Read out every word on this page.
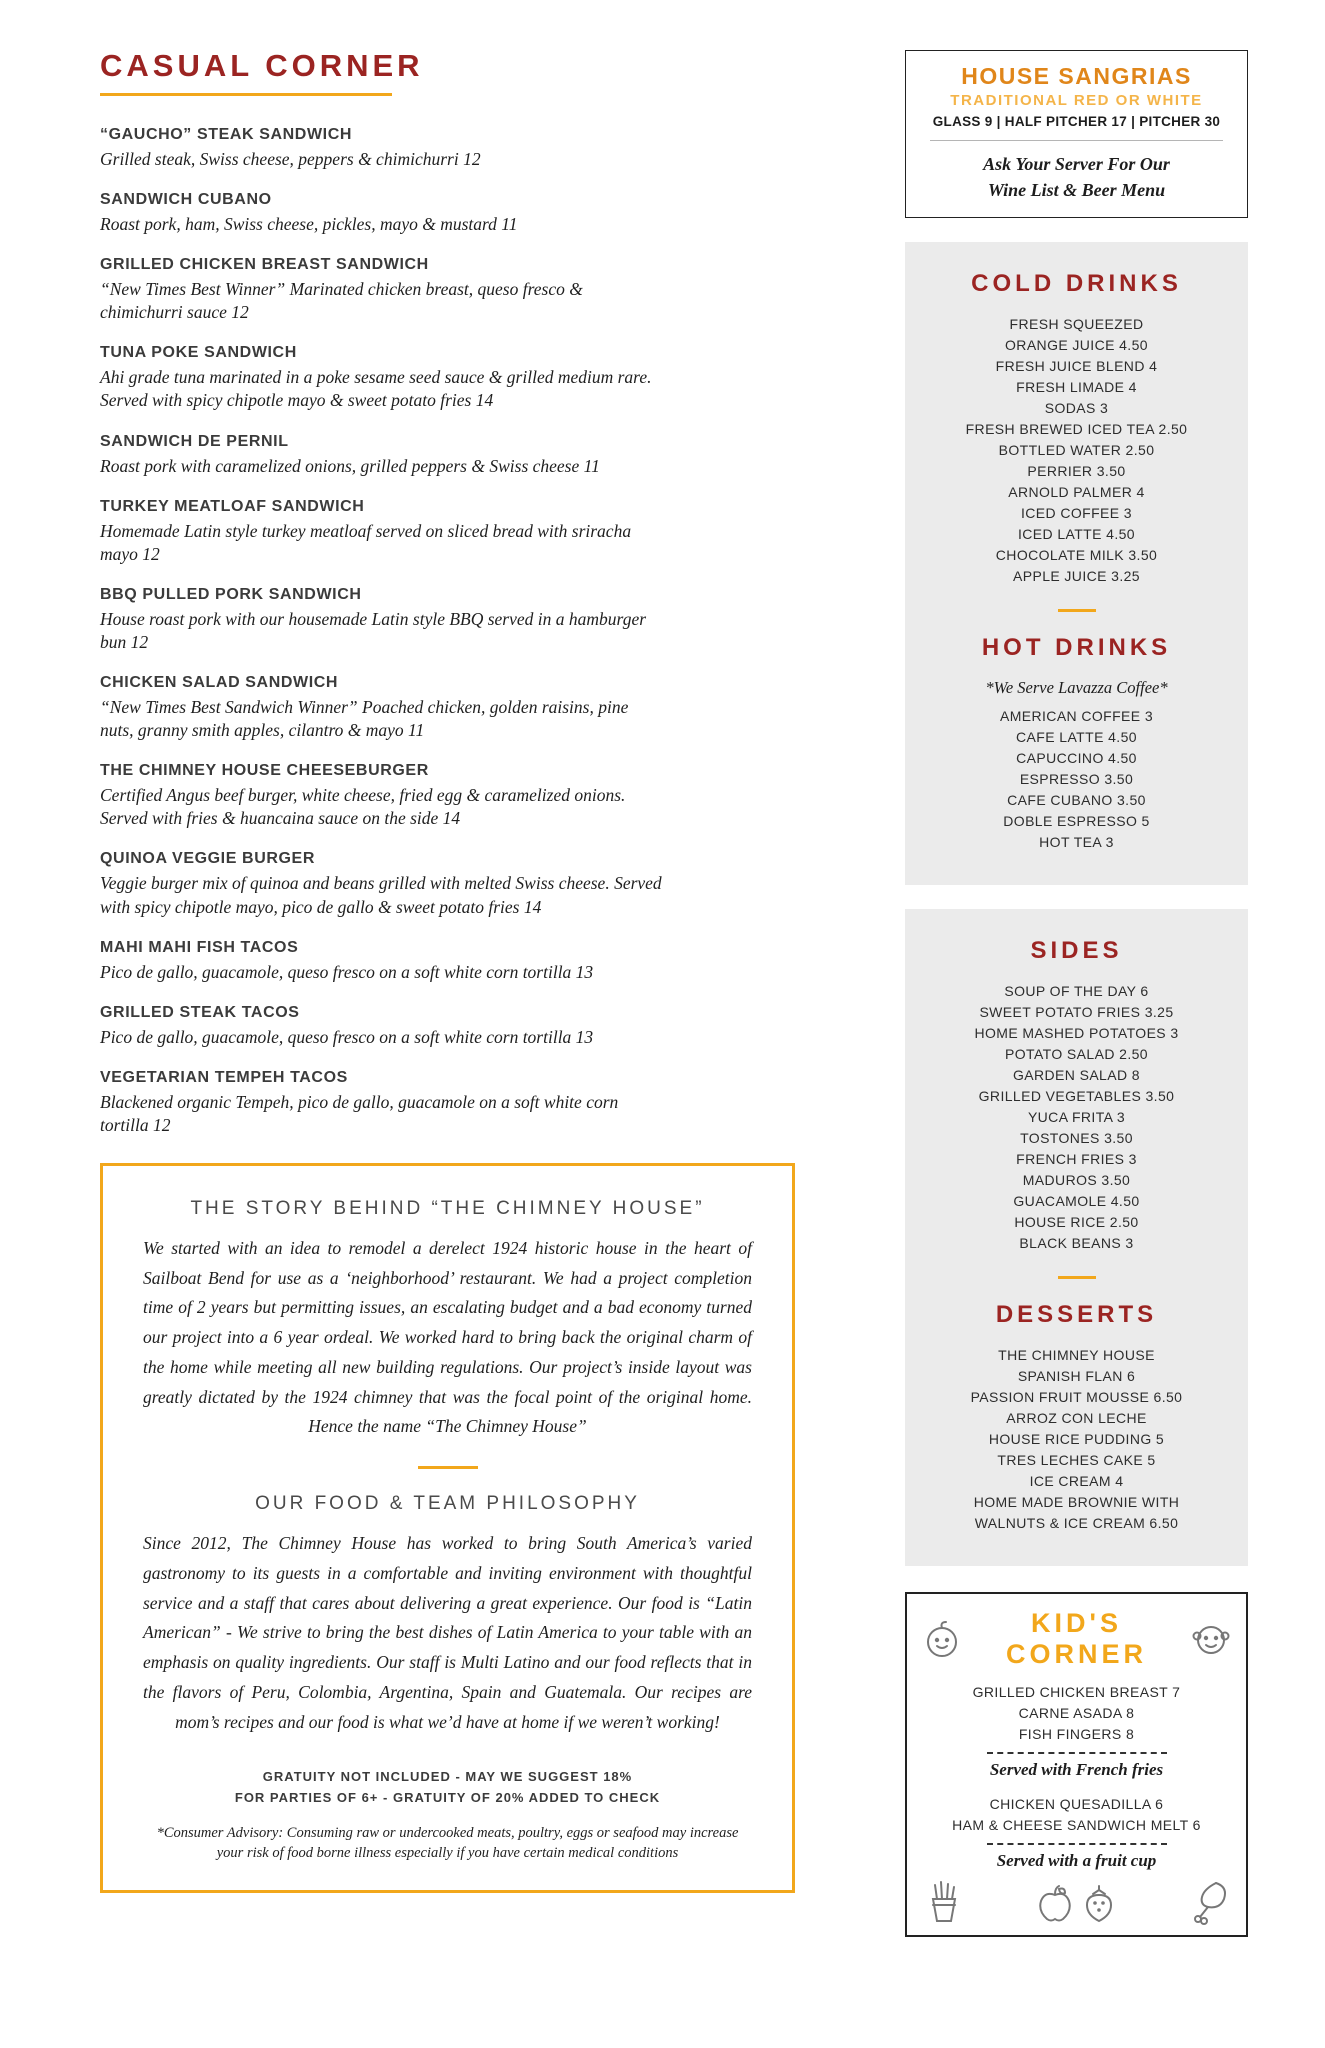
CASUAL CORNER
“GAUCHO” STEAK SANDWICH
Grilled steak, Swiss cheese, peppers & chimichurri 12
SANDWICH CUBANO
Roast pork, ham, Swiss cheese, pickles, mayo & mustard 11
GRILLED CHICKEN BREAST SANDWICH
“New Times Best Winner” Marinated chicken breast, queso fresco & chimichurri sauce 12
TUNA POKE SANDWICH
Ahi grade tuna marinated in a poke sesame seed sauce & grilled medium rare. Served with spicy chipotle mayo & sweet potato fries 14
SANDWICH DE PERNIL
Roast pork with caramelized onions, grilled peppers & Swiss cheese 11
TURKEY MEATLOAF SANDWICH
Homemade Latin style turkey meatloaf served on sliced bread with sriracha mayo 12
BBQ PULLED PORK SANDWICH
House roast pork with our housemade Latin style BBQ served in a hamburger bun 12
CHICKEN SALAD SANDWICH
“New Times Best Sandwich Winner” Poached chicken, golden raisins, pine nuts, granny smith apples, cilantro & mayo 11
THE CHIMNEY HOUSE CHEESEBURGER
Certified Angus beef burger, white cheese, fried egg & caramelized onions. Served with fries & huancaina sauce on the side 14
QUINOA VEGGIE BURGER
Veggie burger mix of quinoa and beans grilled with melted Swiss cheese. Served with spicy chipotle mayo, pico de gallo & sweet potato fries 14
MAHI MAHI FISH TACOS
Pico de gallo, guacamole, queso fresco on a soft white corn tortilla 13
GRILLED STEAK TACOS
Pico de gallo, guacamole, queso fresco on a soft white corn tortilla 13
VEGETARIAN TEMPEH TACOS
Blackened organic Tempeh, pico de gallo, guacamole on a soft white corn tortilla 12
THE STORY BEHIND “THE CHIMNEY HOUSE”

We started with an idea to remodel a derelect 1924 historic house in the heart of Sailboat Bend for use as a ‘neighborhood’ restaurant. We had a project completion time of 2 years but permitting issues, an escalating budget and a bad economy turned our project into a 6 year ordeal. We worked hard to bring back the original charm of the home while meeting all new building regulations. Our project’s inside layout was greatly dictated by the 1924 chimney that was the focal point of the original home. Hence the name “The Chimney House”

OUR FOOD & TEAM PHILOSOPHY

Since 2012, The Chimney House has worked to bring South America’s varied gastronomy to its guests in a comfortable and inviting environment with thoughtful service and a staff that cares about delivering a great experience. Our food is “Latin American” - We strive to bring the best dishes of Latin America to your table with an emphasis on quality ingredients. Our staff is Multi Latino and our food reflects that in the flavors of Peru, Colombia, Argentina, Spain and Guatemala. Our recipes are mom’s recipes and our food is what we’d have at home if we weren’t working!

GRATUITY NOT INCLUDED - MAY WE SUGGEST 18%
FOR PARTIES OF 6+ - GRATUITY OF 20% ADDED TO CHECK

*Consumer Advisory: Consuming raw or undercooked meats, poultry, eggs or seafood may increase your risk of food borne illness especially if you have certain medical conditions

HOUSE SANGRIAS
TRADITIONAL RED OR WHITE
GLASS 9 | HALF PITCHER 17 | PITCHER 30
Ask Your Server For Our
Wine List & Beer Menu
COLD DRINKS
FRESH SQUEEZED
ORANGE JUICE 4.50
FRESH JUICE BLEND 4
FRESH LIMADE 4
SODAS 3
FRESH BREWED ICED TEA 2.50
BOTTLED WATER 2.50
PERRIER 3.50
ARNOLD PALMER 4
ICED COFFEE 3
ICED LATTE 4.50
CHOCOLATE MILK 3.50
APPLE JUICE 3.25
HOT DRINKS
*We Serve Lavazza Coffee*
AMERICAN COFFEE 3
CAFE LATTE 4.50
CAPUCCINO 4.50
ESPRESSO 3.50
CAFE CUBANO 3.50
DOBLE ESPRESSO 5
HOT TEA 3
SIDES
SOUP OF THE DAY 6
SWEET POTATO FRIES 3.25
HOME MASHED POTATOES 3
POTATO SALAD 2.50
GARDEN SALAD 8
GRILLED VEGETABLES 3.50
YUCA FRITA 3
TOSTONES 3.50
FRENCH FRIES 3
MADUROS 3.50
GUACAMOLE 4.50
HOUSE RICE 2.50
BLACK BEANS 3
DESSERTS
THE CHIMNEY HOUSE
SPANISH FLAN 6
PASSION FRUIT MOUSSE 6.50
ARROZ CON LECHE
HOUSE RICE PUDDING 5
TRES LECHES CAKE 5
ICE CREAM 4
HOME MADE BROWNIE WITH
WALNUTS & ICE CREAM 6.50
KID'S CORNER
GRILLED CHICKEN BREAST 7
CARNE ASADA 8
FISH FINGERS 8
Served with French fries
CHICKEN QUESADILLA 6
HAM & CHEESE SANDWICH MELT 6
Served with a fruit cup
